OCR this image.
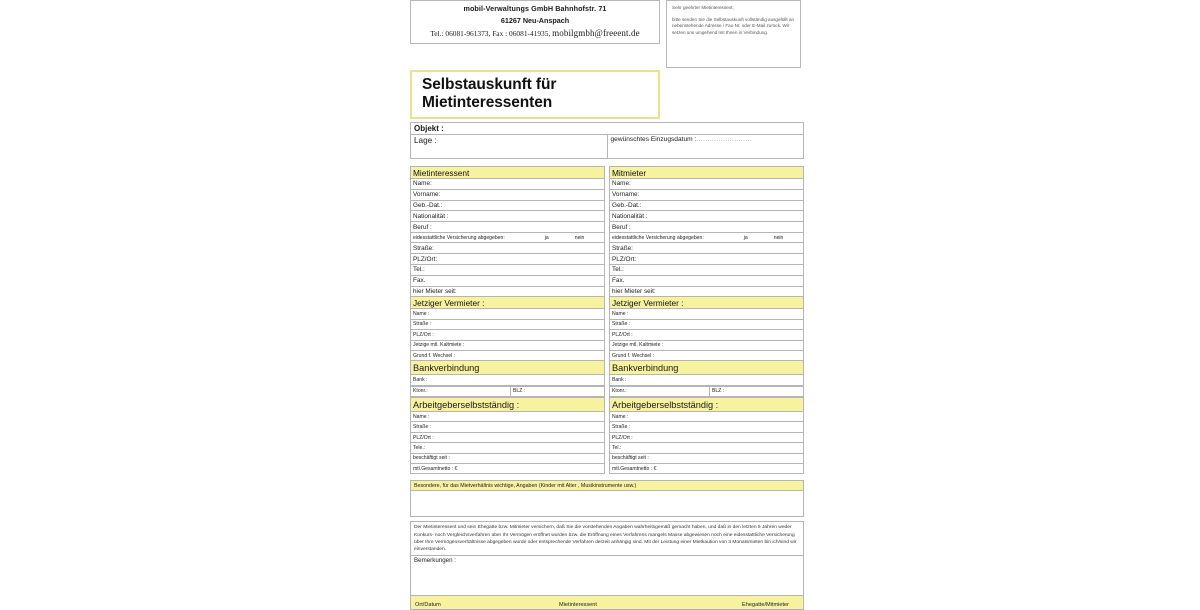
mobil-Verwaltungs GmbH Bahnhofstr. 71
61267 Neu-Anspach
Tel.: 06081-961373, Fax : 06081-41935, mobilgmbh@freeent.de

Sehr geehrter Mietinteressent,

bitte senden Sie die Selbstauskunft vollständig ausgefüllt an nebenstehende Adresse / Fax-Nr. oder E-Mail zurück. Wir setzen uns umgehend mit Ihnen in Verbindung.

Selbstauskunft für Mietinteressenten
Objekt :
Lage :	gewünschtes Einzugsdatum :.........................
Mietinteressent
Name:
Vorname:
Geb.-Dat.:
Nationalität :
Beruf :
eidesstattliche Versicherung abgegeben:	ja	nein
Straße:
PLZ/Ort:
Tel.:
Fax.
hier Mieter seit:
Jetziger Vermieter :
Name :
Straße :
PLZ/Ort :
Jetzige mtl. Kaltmiete :
Grund f. Wechsel :
Bankverbindung
Bank :
Ktonr.:	BLZ :
Arbeitgeberselbstständig :
Name :
Straße :
PLZ/Ort :
Tele.:
beschäftigt seit :
mtl.Gesamtnetto : €
Mitmieter
Name:
Vorname:
Geb.-Dat.:
Nationalität :
Beruf :
eidesstattliche Versicherung abgegeben:	ja	nein
Straße:
PLZ/Ort:
Tel.:
Fax.
hier Mieter seit:
Jetziger Vermieter :
Name :
Straße :
PLZ/Ort :
Jetzige mtl. Kaltmiete :
Grund f. Wechsel :
Bankverbindung
Bank :
Ktonr.:	BLZ :
Arbeitgeberselbstständig :
Name :
Straße :
PLZ/Ort :
Tel.:
beschäftigt seit :
mtl.Gesamtnetto : €
Besondere, für das Mietverhältnis wichtige, Angaben (Kinder mit Alter , Musikinstrumente usw.)

Der Mietinteressent und sein Ehegatte bzw. Mitmieter versichern, daß Sie die vorstehenden Angaben wahrheitsgemäß gemacht haben, und daß in den letzten 5 Jahren weder Konkurs- noch Vergleichsverfahren über Ihr Vermögen eröffnet wurden bzw. die Eröffnung eines Verfahrens mangels Masse abgewiesen noch eine eidesstattliche Versicherung über Ihre Vermögensverhältnisse abgegeben wurde oder entsprechende Verfahren derzeit anhängig sind. Mit der Leistung einer Mietkaution von 3 Monatsmieten bin ich/sind wir einverstanden.
Bemerkungen :
Ort/Datum	Mietinteressent	Ehegatte/Mitmieter
